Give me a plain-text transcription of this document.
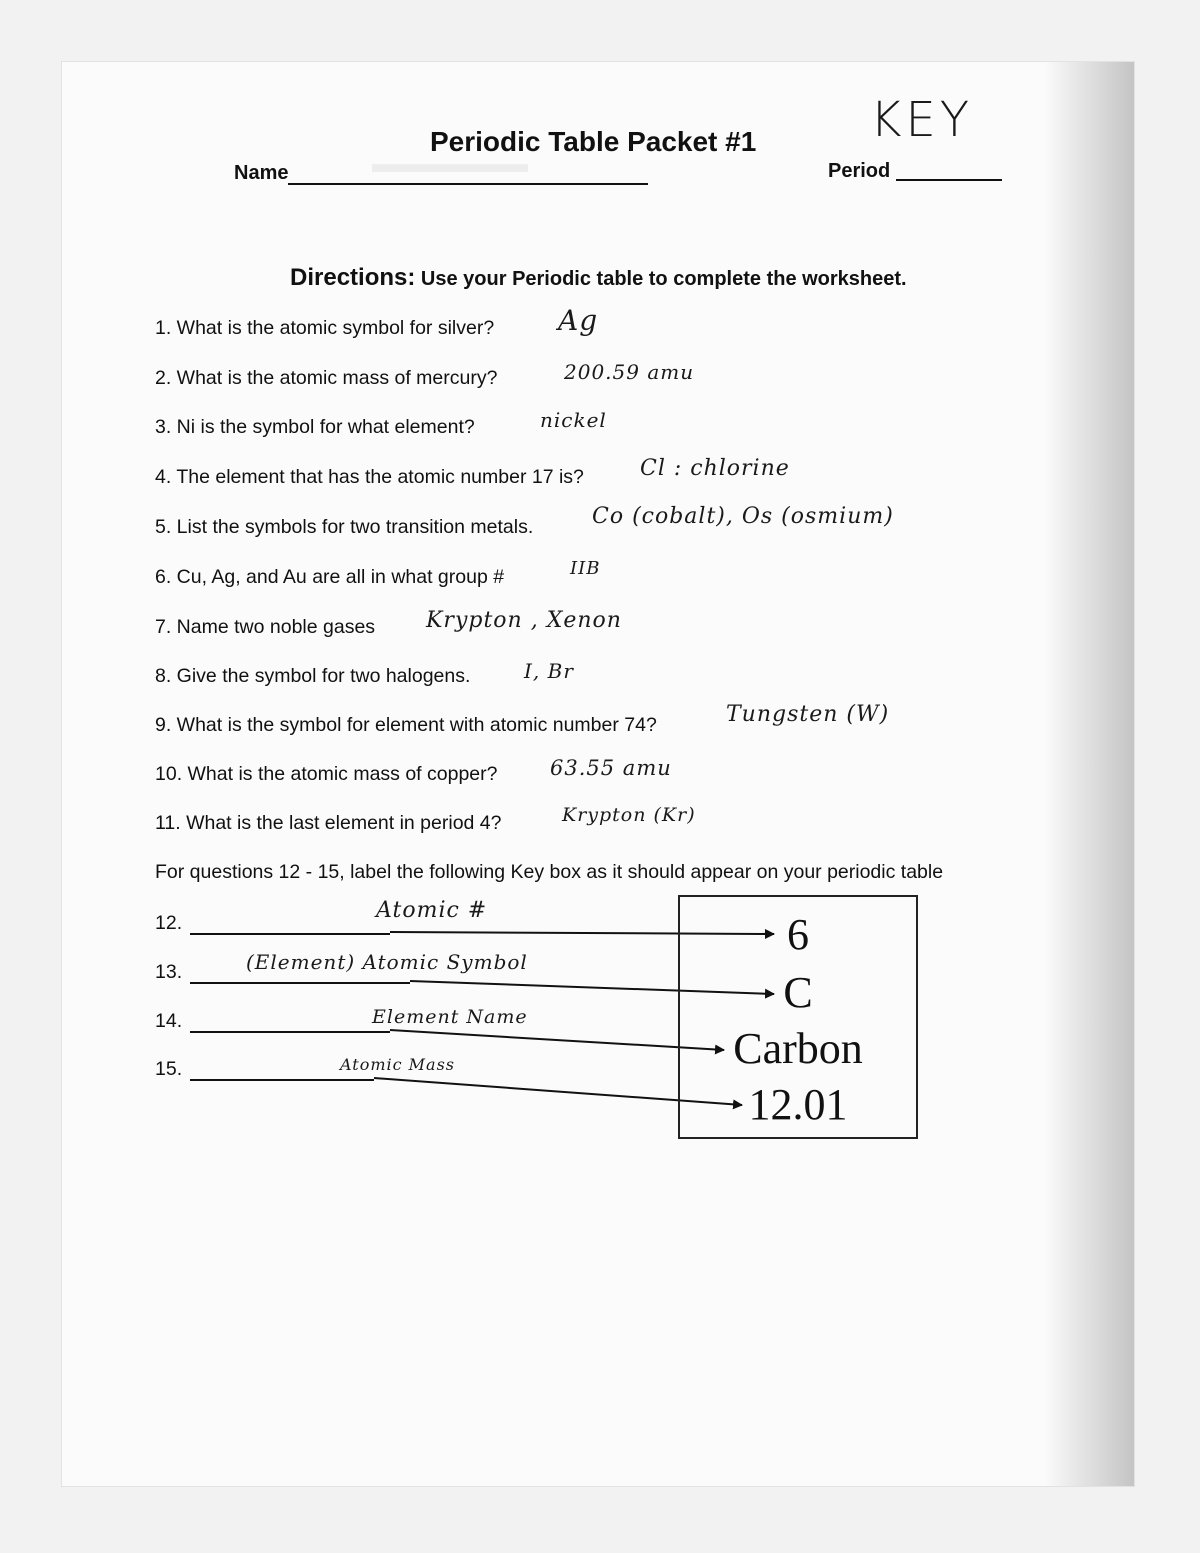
▬▬▬▬▬▬
Periodic Table Packet #1 KEY
Name	Period
Directions: Use your Periodic table to complete the worksheet.
1. What is the atomic symbol for silver? Ag
2. What is the atomic mass of mercury?	200.59 amu
3. Ni is the symbol for what element?	nickel
4. The element that has the atomic number 17 is?	Cl : chlorine
5. List the symbols for two transition metals.	Co (cobalt), Os (osmium)
6. Cu, Ag, and Au are all in what group #	IIB
7. Name two noble gases Krypton , Xenon
8. Give the symbol for two halogens.	I, Br
9. What is the symbol for element with atomic number 74?	Tungsten (W)
10. What is the atomic mass of copper?	63.55 amu
11. What is the last element in period 4?	Krypton (Kr)
For questions 12 - 15, label the following Key box as it should appear on your periodic table
12.	Atomic #
13.	(Element) Atomic Symbol
14.	Element Name
15.	Atomic Mass
6
C
Carbon
12.01
